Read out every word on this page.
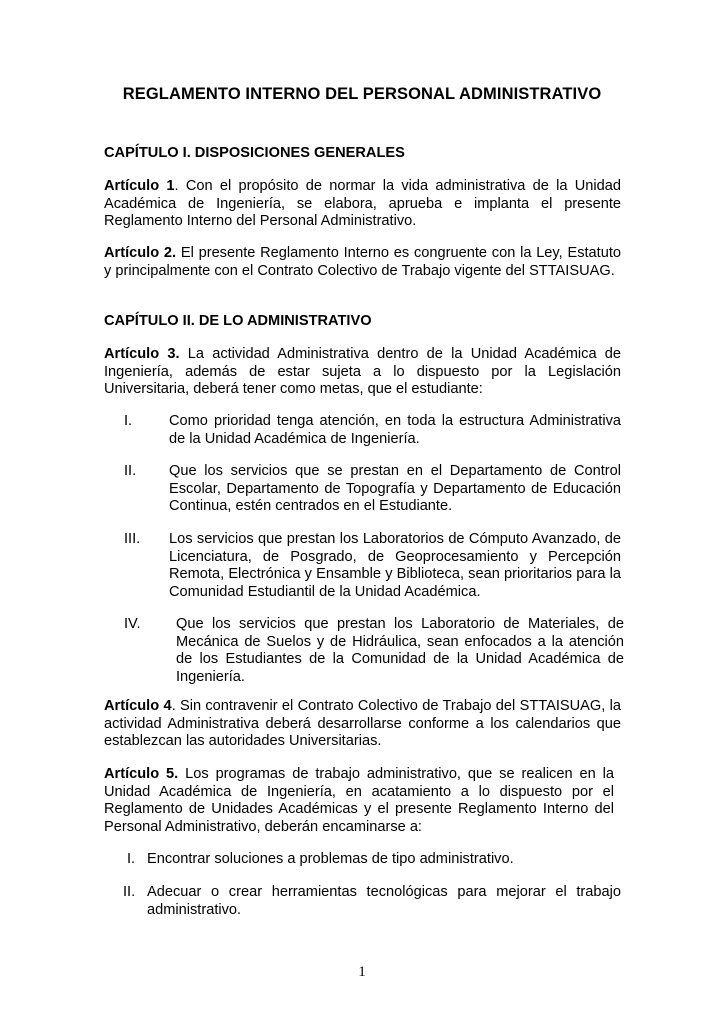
REGLAMENTO INTERNO DEL PERSONAL ADMINISTRATIVO
CAPÍTULO I. DISPOSICIONES GENERALES
Artículo 1. Con el propósito de normar la vida administrativa de la Unidad Académica de Ingeniería, se elabora, aprueba e implanta el presente Reglamento Interno del Personal Administrativo.
Artículo 2. El presente Reglamento Interno es congruente con la Ley, Estatuto y principalmente con el Contrato Colectivo de Trabajo vigente del STTAISUAG.
CAPÍTULO II. DE LO ADMINISTRATIVO
Artículo 3. La actividad Administrativa dentro de la Unidad Académica de Ingeniería, además de estar sujeta a lo dispuesto por la Legislación Universitaria, deberá tener como metas, que el estudiante:
I.	Como prioridad tenga atención, en toda la estructura Administrativa de la Unidad Académica de Ingeniería.
II. Que los servicios que se prestan en el Departamento de Control Escolar, Departamento de Topografía y Departamento de Educación Continua, estén centrados en el Estudiante.
III. Los servicios que prestan los Laboratorios de Cómputo Avanzado, de Licenciatura, de Posgrado, de Geoprocesamiento y Percepción Remota, Electrónica y Ensamble y Biblioteca, sean prioritarios para la Comunidad Estudiantil de la Unidad Académica.
IV. Que los servicios que prestan los Laboratorio de Materiales, de Mecánica de Suelos y de Hidráulica, sean enfocados a la atención de los Estudiantes de la Comunidad de la Unidad Académica de Ingeniería.
Artículo 4. Sin contravenir el Contrato Colectivo de Trabajo del STTAISUAG, la actividad Administrativa deberá desarrollarse conforme a los calendarios que establezcan las autoridades Universitarias.
Artículo 5. Los programas de trabajo administrativo, que se realicen en la Unidad Académica de Ingeniería, en acatamiento a lo dispuesto por el Reglamento de Unidades Académicas y el presente Reglamento Interno del Personal Administrativo, deberán encaminarse a:
I. Encontrar soluciones a problemas de tipo administrativo.
II. Adecuar o crear herramientas tecnológicas para mejorar el trabajo administrativo.
1
